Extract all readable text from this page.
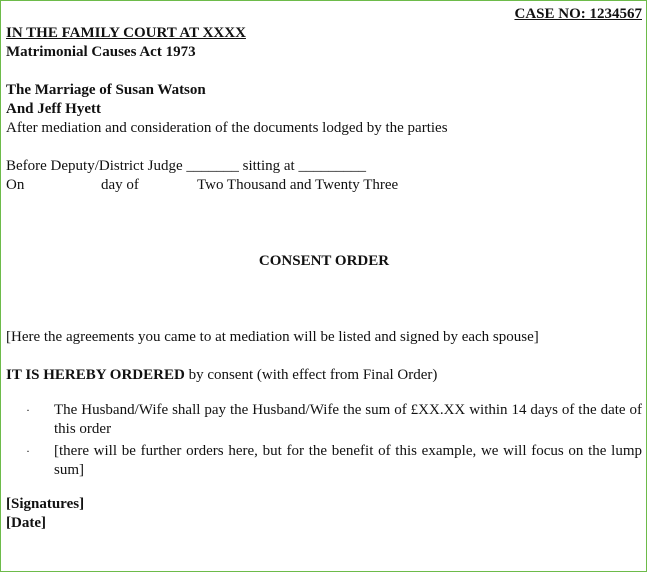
CASE NO: 1234567
IN THE FAMILY COURT AT XXXX
Matrimonial Causes Act 1973
The Marriage of Susan Watson
And Jeff Hyett
After mediation and consideration of the documents lodged by the parties
Before Deputy/District Judge _______ sitting at _________
On	day of	Two Thousand and Twenty Three
CONSENT ORDER
[Here the agreements you came to at mediation will be listed and signed by each spouse]
IT IS HEREBY ORDERED by consent (with effect from Final Order)
·	The Husband/Wife shall pay the Husband/Wife the sum of £XX.XX within 14 days of the date of this order
·	[there will be further orders here, but for the benefit of this example, we will focus on the lump sum]
[Signatures]
[Date]
